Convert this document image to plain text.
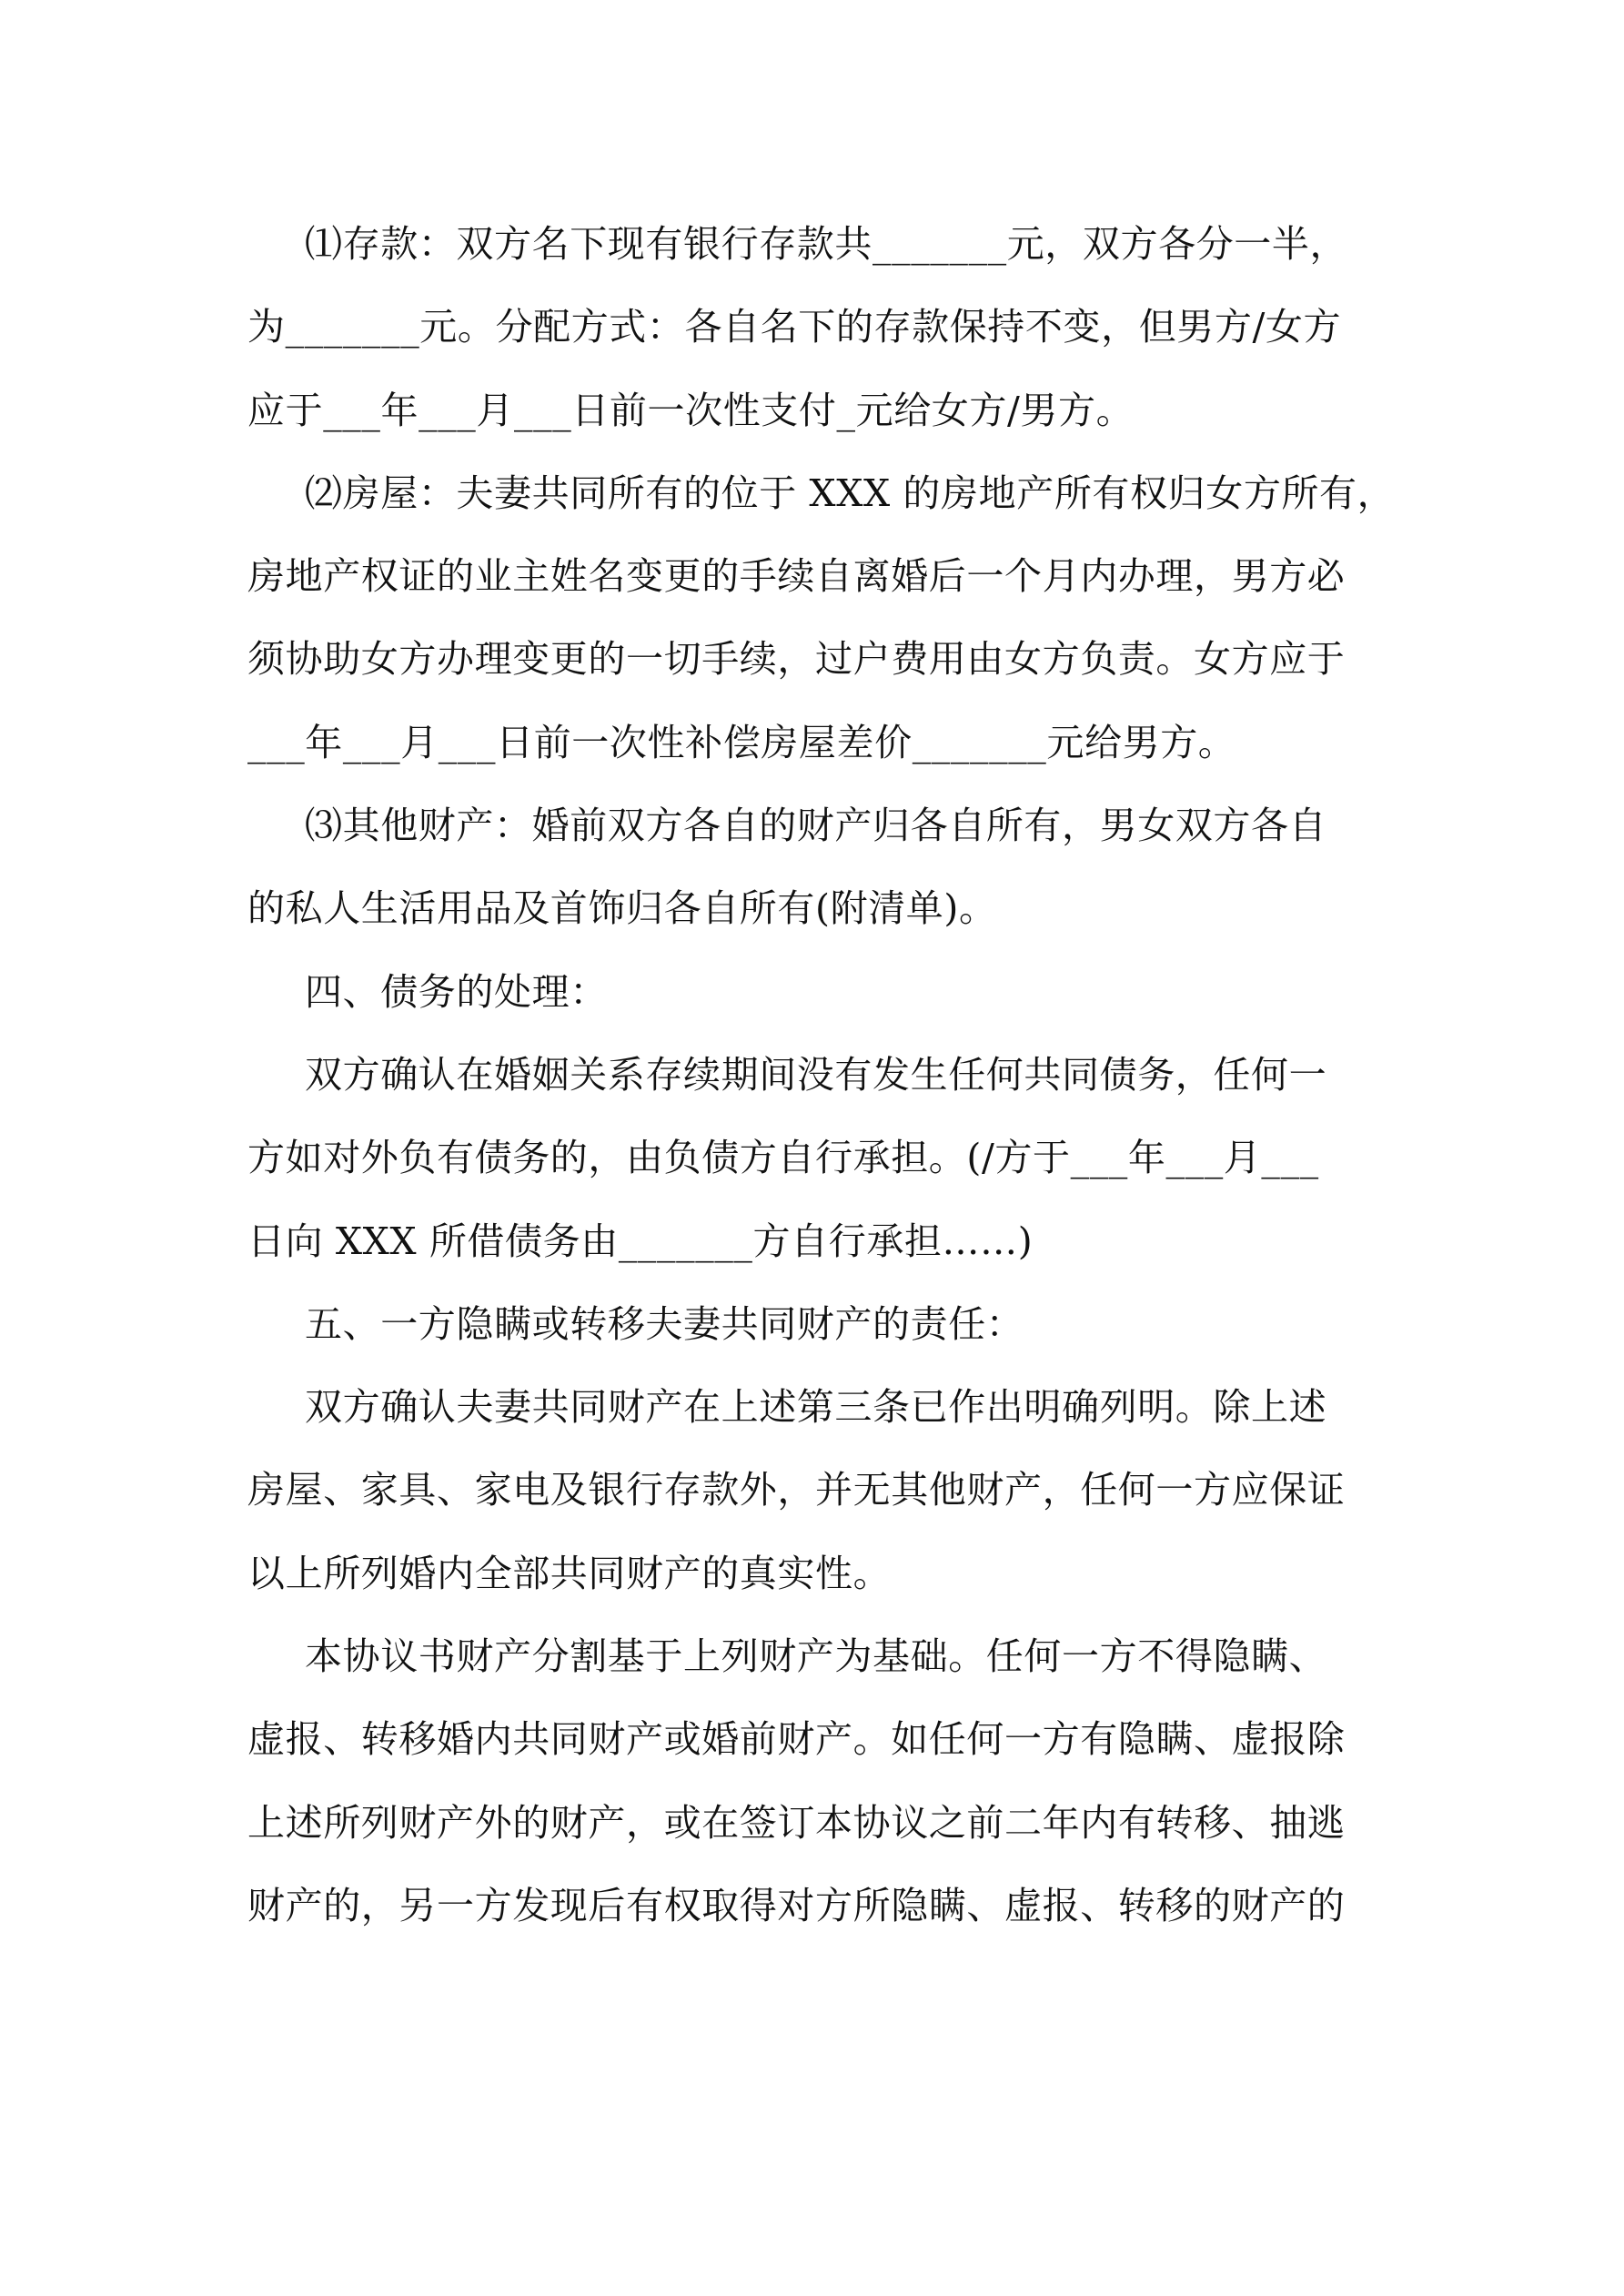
⑴存款：双方名下现有银行存款共_______元，双方各分一半，
为_______元。分配方式：各自名下的存款保持不变，但男方/女方
应于___年___月___日前一次性支付_元给女方/男方。
⑵房屋：夫妻共同所有的位于 XXX 的房地产所有权归女方所有，
房地产权证的业主姓名变更的手续自离婚后一个月内办理，男方必
须协助女方办理变更的一切手续，过户费用由女方负责。女方应于
___年___月___日前一次性补偿房屋差价_______元给男方。
⑶其他财产：婚前双方各自的财产归各自所有，男女双方各自
的私人生活用品及首饰归各自所有(附清单)。
四、债务的处理：
双方确认在婚姻关系存续期间没有发生任何共同债务，任何一
方如对外负有债务的，由负债方自行承担。(/方于___年___月___
日向 XXX 所借债务由_______方自行承担……)
五、一方隐瞒或转移夫妻共同财产的责任：
双方确认夫妻共同财产在上述第三条已作出明确列明。除上述
房屋、家具、家电及银行存款外，并无其他财产，任何一方应保证
以上所列婚内全部共同财产的真实性。
本协议书财产分割基于上列财产为基础。任何一方不得隐瞒、
虚报、转移婚内共同财产或婚前财产。如任何一方有隐瞒、虚报除
上述所列财产外的财产，或在签订本协议之前二年内有转移、抽逃
财产的，另一方发现后有权取得对方所隐瞒、虚报、转移的财产的
